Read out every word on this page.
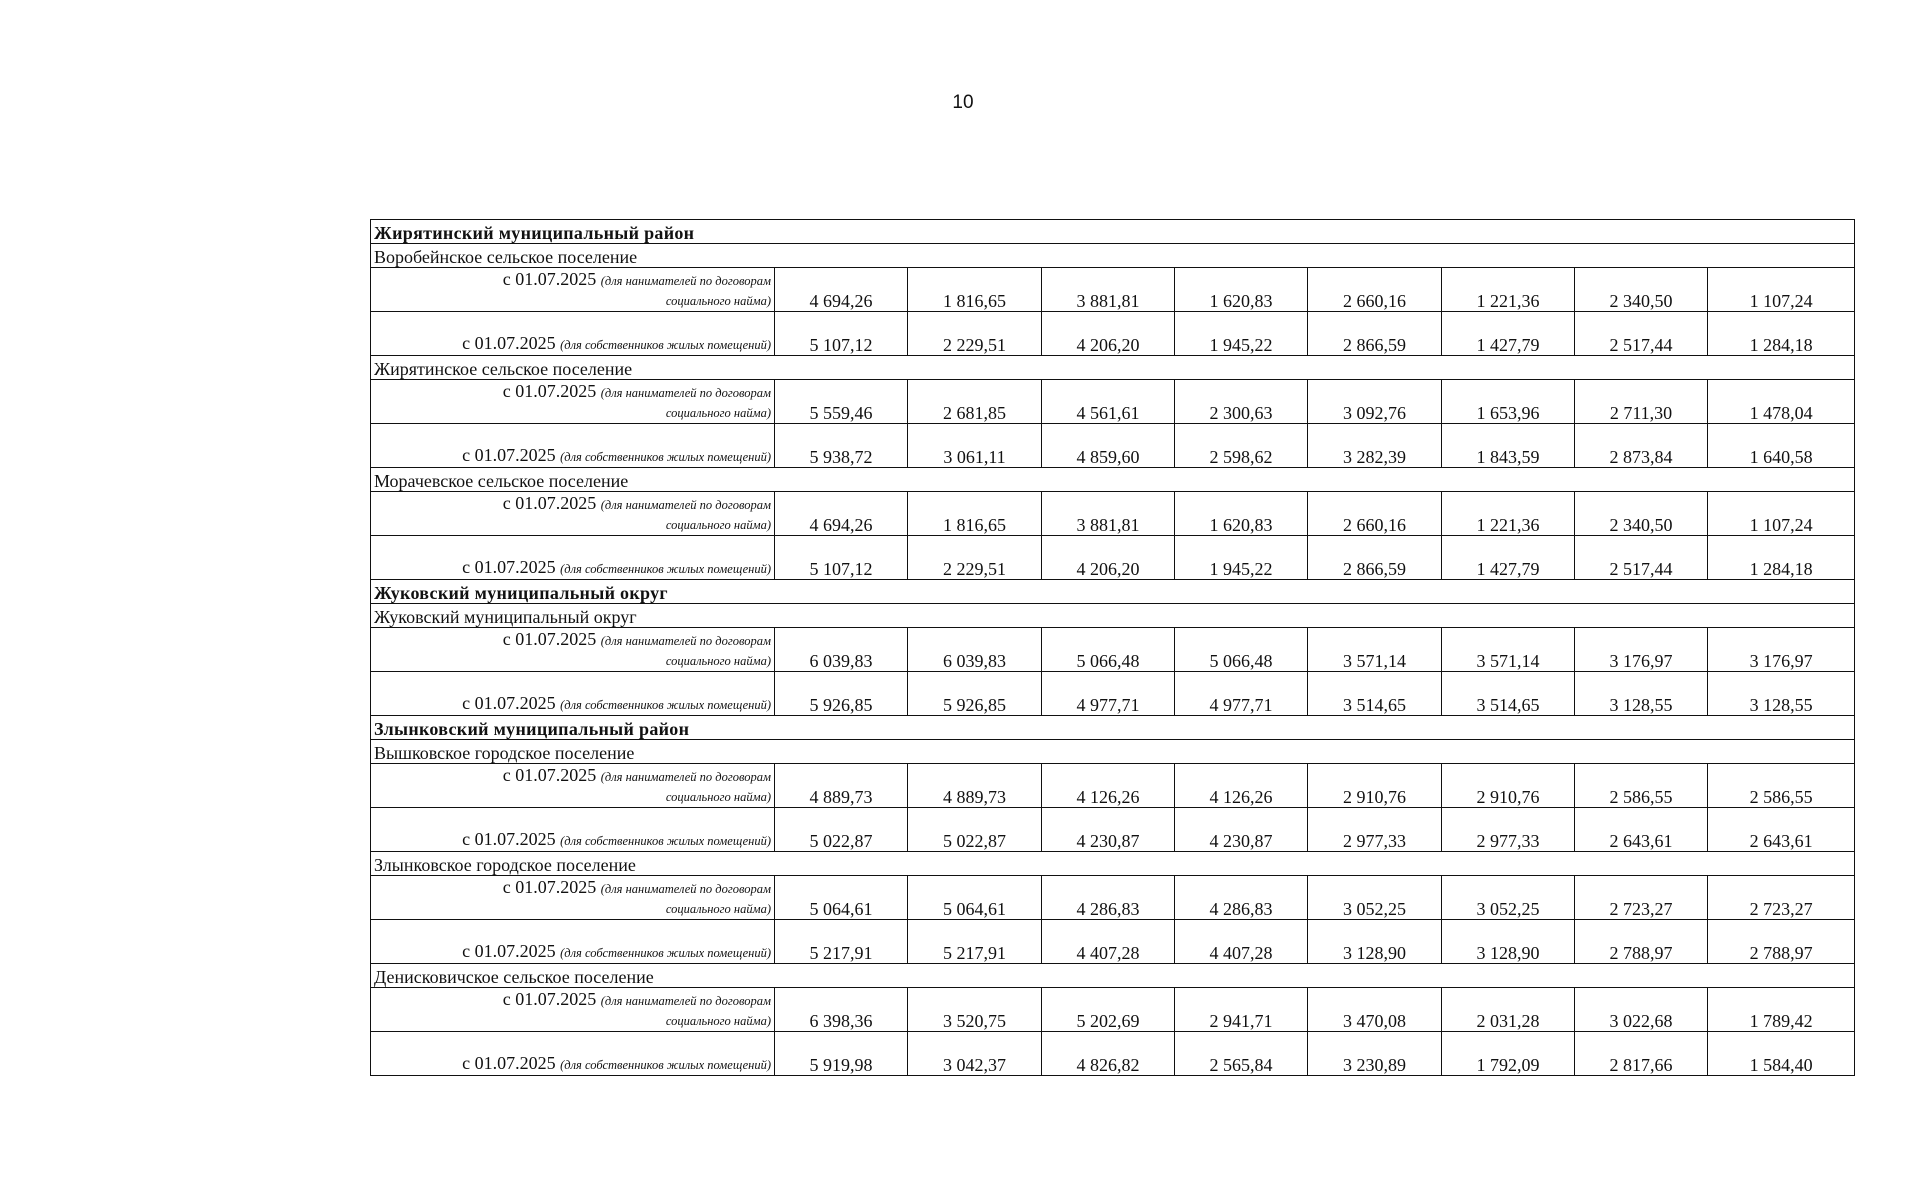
10
Жирятинский муниципальный район								
Воробейнское сельское поселение								

с 01.07.2025 (для нанимателей по договорам
социального найма)	4 694,26	1 816,65	3 881,81	1 620,83	2 660,16	1 221,36	2 340,50	1 107,24
с 01.07.2025 (для собственников жилых помещений)	5 107,12	2 229,51	4 206,20	1 945,22	2 866,59	1 427,79	2 517,44	1 284,18
Жирятинское сельское поселение								

с 01.07.2025 (для нанимателей по договорам
социального найма)	5 559,46	2 681,85	4 561,61	2 300,63	3 092,76	1 653,96	2 711,30	1 478,04
с 01.07.2025 (для собственников жилых помещений)	5 938,72	3 061,11	4 859,60	2 598,62	3 282,39	1 843,59	2 873,84	1 640,58
Морачевское сельское поселение								

с 01.07.2025 (для нанимателей по договорам
социального найма)	4 694,26	1 816,65	3 881,81	1 620,83	2 660,16	1 221,36	2 340,50	1 107,24
с 01.07.2025 (для собственников жилых помещений)	5 107,12	2 229,51	4 206,20	1 945,22	2 866,59	1 427,79	2 517,44	1 284,18
Жуковский муниципальный округ								
Жуковский муниципальный округ								

с 01.07.2025 (для нанимателей по договорам
социального найма)	6 039,83	6 039,83	5 066,48	5 066,48	3 571,14	3 571,14	3 176,97	3 176,97
с 01.07.2025 (для собственников жилых помещений)	5 926,85	5 926,85	4 977,71	4 977,71	3 514,65	3 514,65	3 128,55	3 128,55
Злынковский муниципальный район								
Вышковское городское поселение								

с 01.07.2025 (для нанимателей по договорам
социального найма)	4 889,73	4 889,73	4 126,26	4 126,26	2 910,76	2 910,76	2 586,55	2 586,55
с 01.07.2025 (для собственников жилых помещений)	5 022,87	5 022,87	4 230,87	4 230,87	2 977,33	2 977,33	2 643,61	2 643,61
Злынковское городское поселение								

с 01.07.2025 (для нанимателей по договорам
социального найма)	5 064,61	5 064,61	4 286,83	4 286,83	3 052,25	3 052,25	2 723,27	2 723,27
с 01.07.2025 (для собственников жилых помещений)	5 217,91	5 217,91	4 407,28	4 407,28	3 128,90	3 128,90	2 788,97	2 788,97
Денисковичское сельское поселение								

с 01.07.2025 (для нанимателей по договорам
социального найма)	6 398,36	3 520,75	5 202,69	2 941,71	3 470,08	2 031,28	3 022,68	1 789,42
с 01.07.2025 (для собственников жилых помещений)	5 919,98	3 042,37	4 826,82	2 565,84	3 230,89	1 792,09	2 817,66	1 584,40
